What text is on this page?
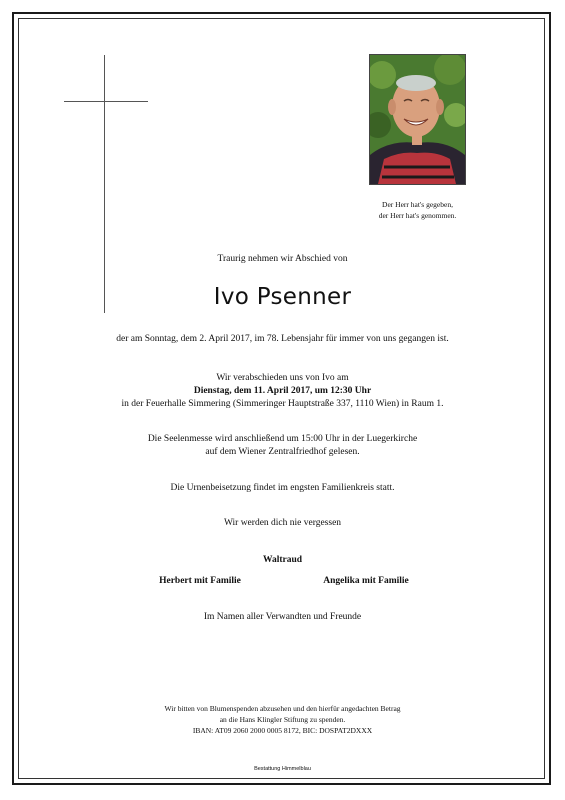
Der Herr hat's gegeben,
der Herr hat's genommen.
Traurig nehmen wir Abschied von
Ivo Psenner
der am Sonntag, dem 2. April 2017, im 78. Lebensjahr für immer von uns gegangen ist.
Wir verabschieden uns von Ivo am
Dienstag, dem 11. April 2017, um 12:30 Uhr
in der Feuerhalle Simmering (Simmeringer Hauptstraße 337, 1110 Wien) in Raum 1.
Die Seelenmesse wird anschließend um 15:00 Uhr in der Luegerkirche
auf dem Wiener Zentralfriedhof gelesen.
Die Urnenbeisetzung findet im engsten Familienkreis statt.
Wir werden dich nie vergessen
Waltraud
Herbert mit Familie	Angelika mit Familie
Im Namen aller Verwandten und Freunde
Wir bitten von Blumenspenden abzusehen und den hierfür angedachten Betrag
an die Hans Klingler Stiftung zu spenden.
IBAN: AT09 2060 2000 0005 8172, BIC: DOSPAT2DXXX
Bestattung Himmelblau
